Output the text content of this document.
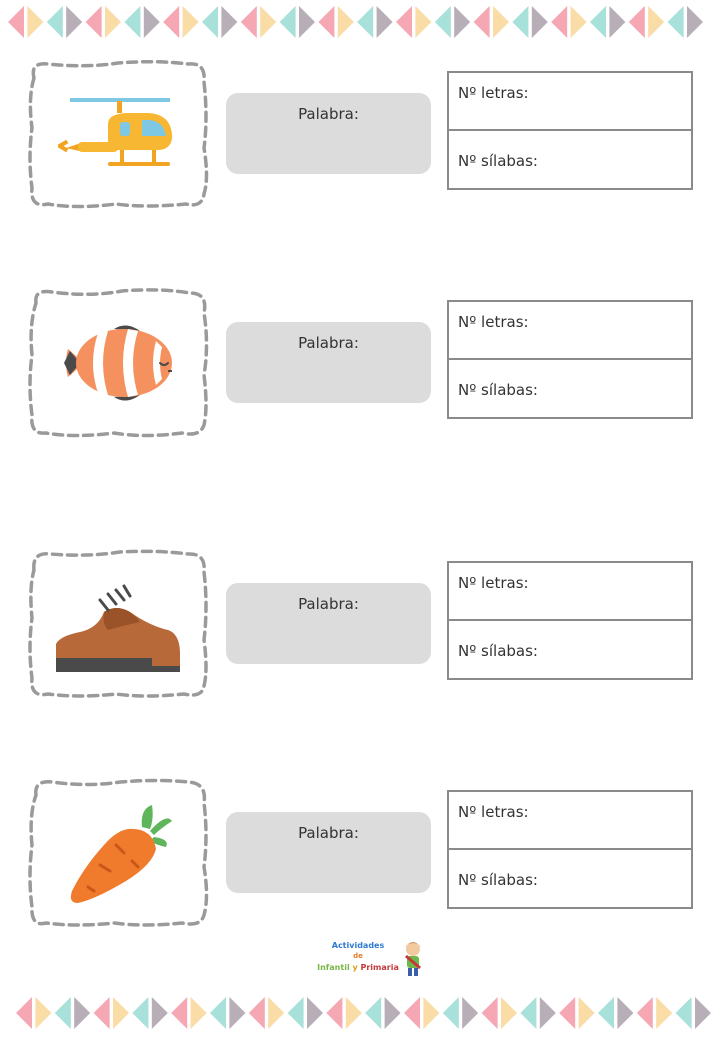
Palabra:
Nº letras:
Nº sílabas:
Palabra:
Nº letras:
Nº sílabas:
Palabra:
Nº letras:
Nº sílabas:
Palabra:
Nº letras:
Nº sílabas:
Actividades
de
Infantil y Primaria
